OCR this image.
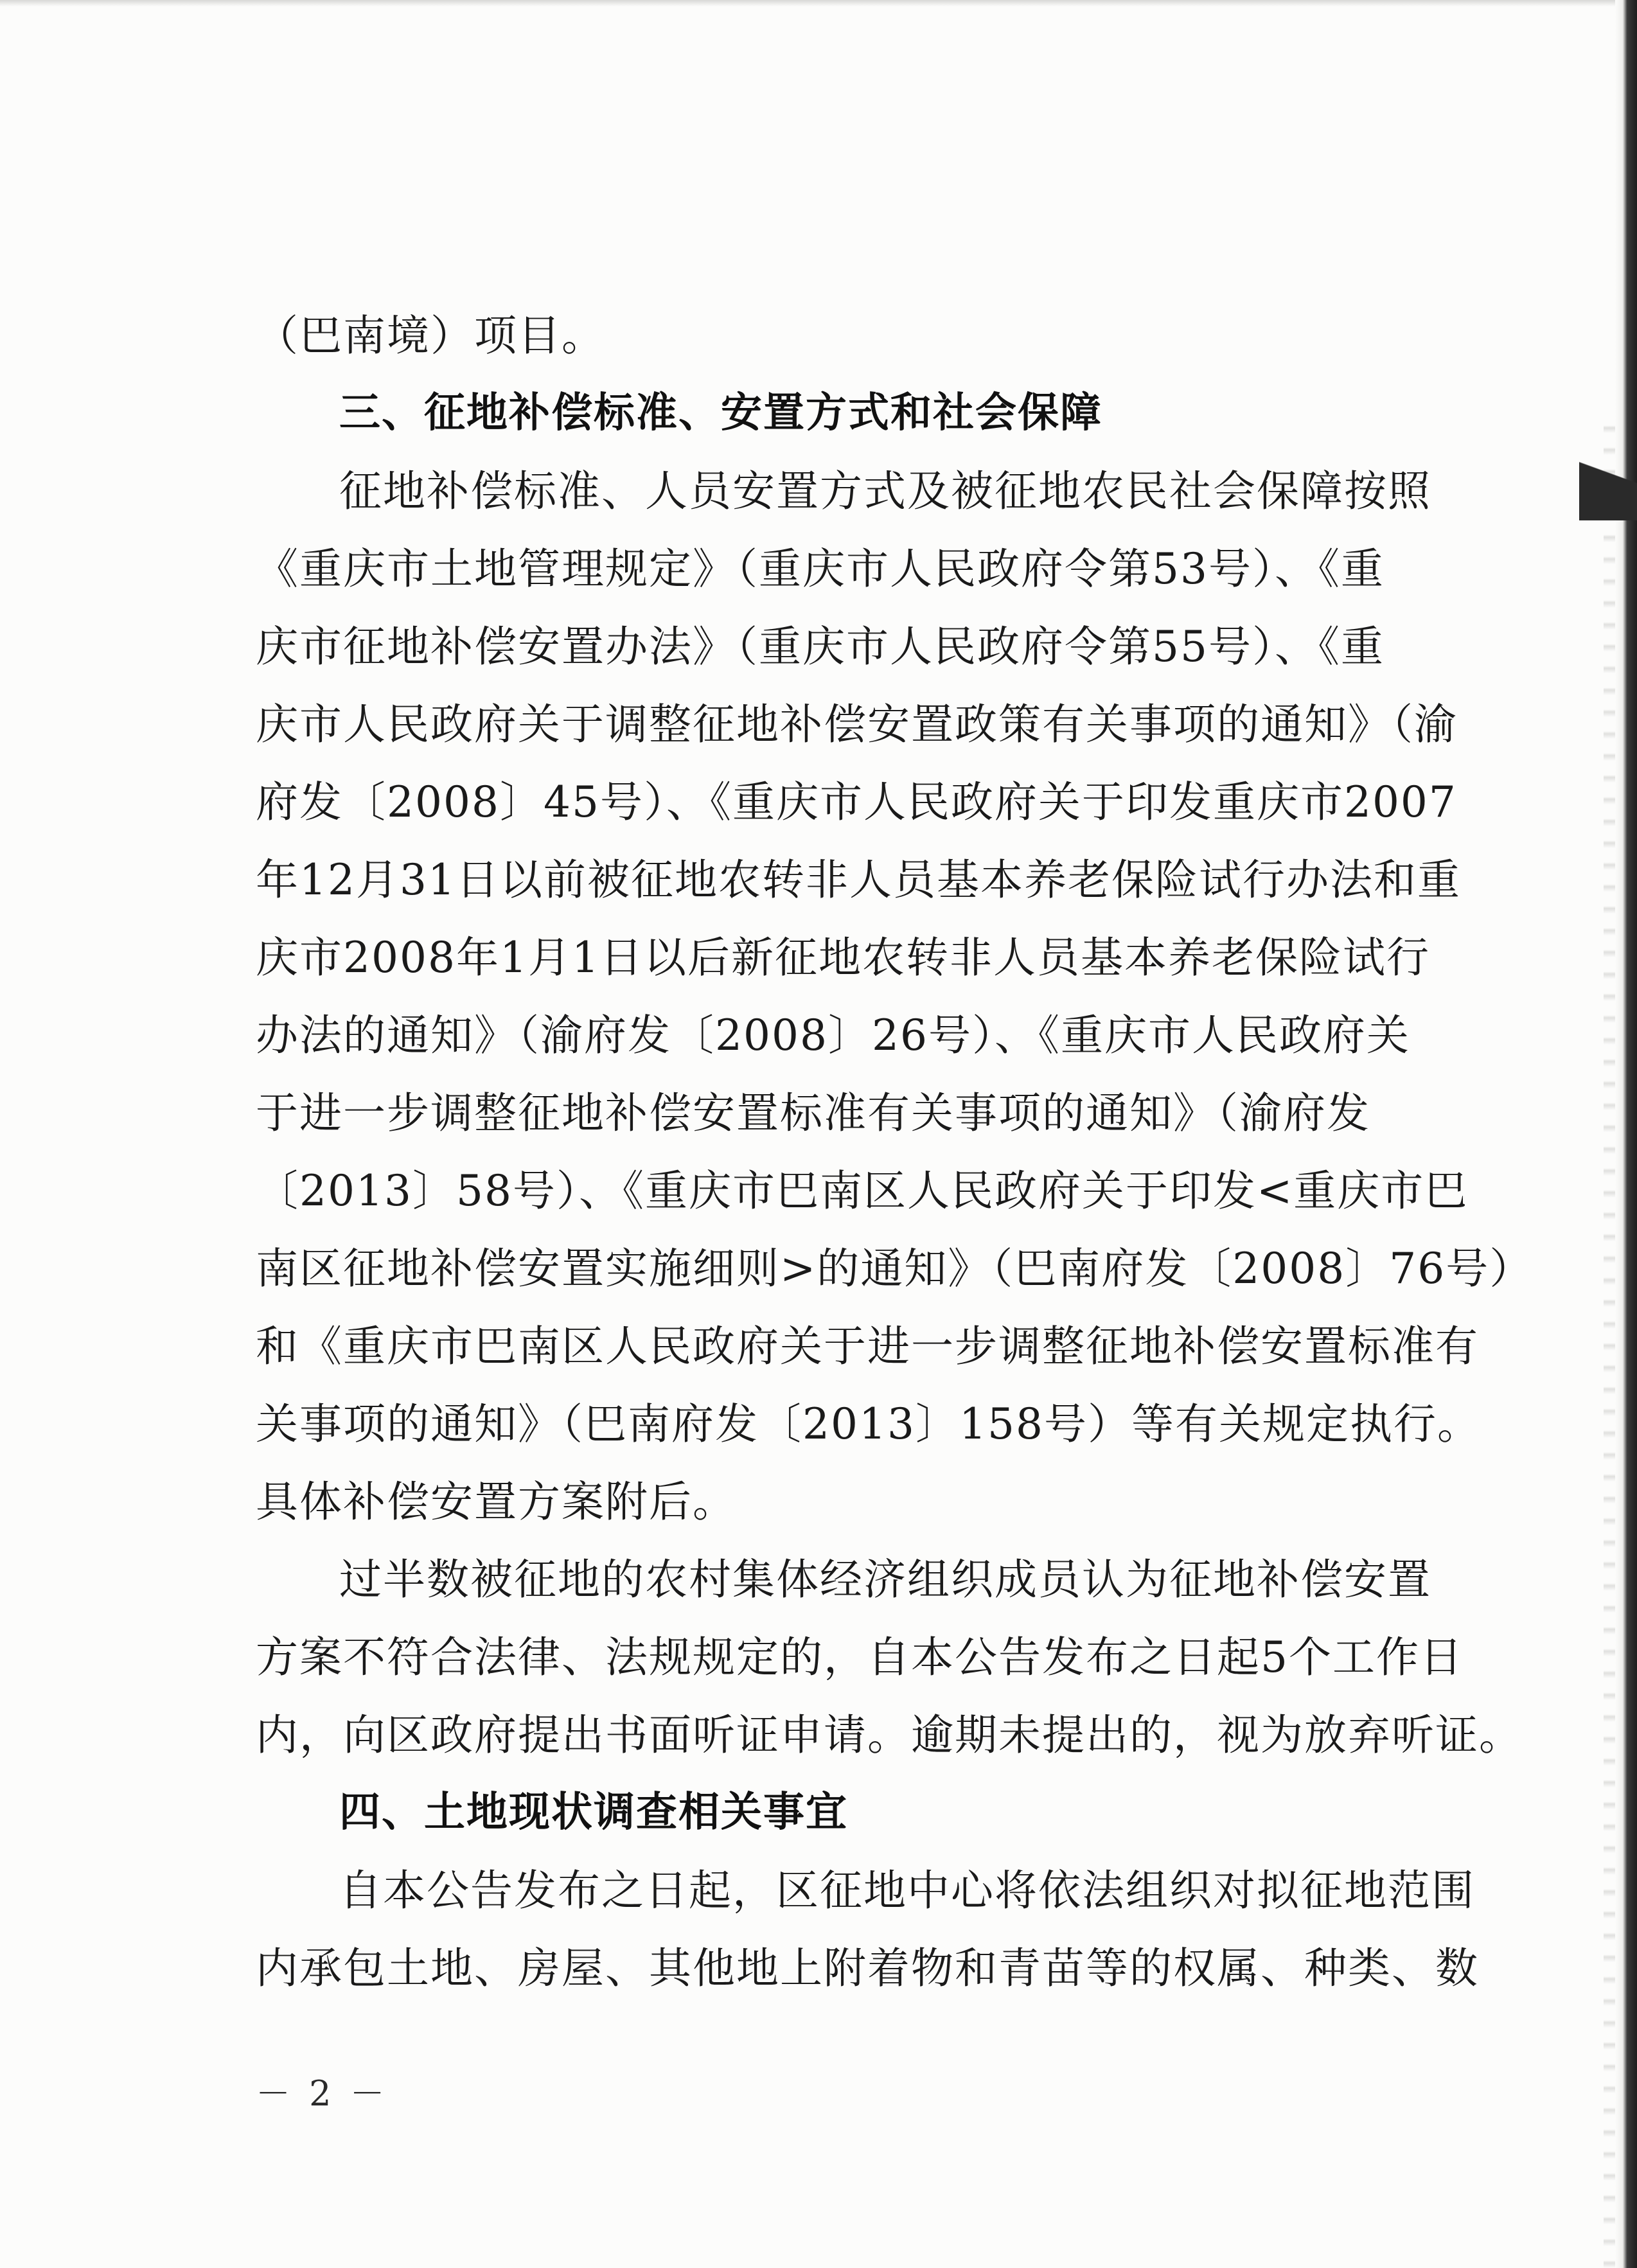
（巴南境）项目。
三、征地补偿标准、安置方式和社会保障
征地补偿标准、人员安置方式及被征地农民社会保障按照
《重庆市土地管理规定》（重庆市人民政府令第53号）、《重
庆市征地补偿安置办法》（重庆市人民政府令第55号）、《重
庆市人民政府关于调整征地补偿安置政策有关事项的通知》（渝
府发〔2008〕45号）、《重庆市人民政府关于印发重庆市2007
年12月31日以前被征地农转非人员基本养老保险试行办法和重
庆市2008年1月1日以后新征地农转非人员基本养老保险试行
办法的通知》（渝府发〔2008〕26号）、《重庆市人民政府关
于进一步调整征地补偿安置标准有关事项的通知》（渝府发
〔2013〕58号）、《重庆市巴南区人民政府关于印发<重庆市巴
南区征地补偿安置实施细则>的通知》（巴南府发〔2008〕76号）
和《重庆市巴南区人民政府关于进一步调整征地补偿安置标准有
关事项的通知》（巴南府发〔2013〕158号）等有关规定执行。
具体补偿安置方案附后。
过半数被征地的农村集体经济组织成员认为征地补偿安置
方案不符合法律、法规规定的，自本公告发布之日起5个工作日
内，向区政府提出书面听证申请。逾期未提出的，视为放弃听证。
四、土地现状调查相关事宜
自本公告发布之日起，区征地中心将依法组织对拟征地范围
内承包土地、房屋、其他地上附着物和青苗等的权属、种类、数
－ 2 －
